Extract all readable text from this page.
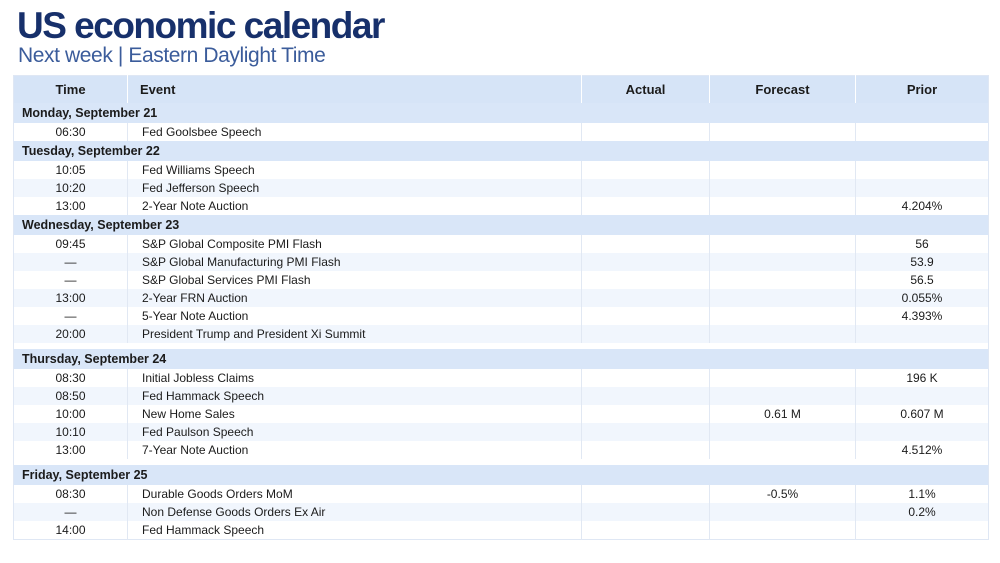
US economic calendar
Next week | Eastern Daylight Time
Time	Event	Actual	Forecast	Prior
Monday, September 21				
06:30	Fed Goolsbee Speech			
Tuesday, September 22				
10:05	Fed Williams Speech			
10:20	Fed Jefferson Speech			
13:00	2-Year Note Auction			4.204%
Wednesday, September 23				
09:45	S&P Global Composite PMI Flash			56
—	S&P Global Manufacturing PMI Flash			53.9
—	S&P Global Services PMI Flash			56.5
13:00	2-Year FRN Auction			0.055%
—	5-Year Note Auction			4.393%
20:00	President Trump and President Xi Summit			

Thursday, September 24				
08:30	Initial Jobless Claims			196 K
08:50	Fed Hammack Speech			
10:00	New Home Sales		0.61 M	0.607 M
10:10	Fed Paulson Speech			
13:00	7-Year Note Auction			4.512%

Friday, September 25				
08:30	Durable Goods Orders MoM		-0.5%	1.1%
—	Non Defense Goods Orders Ex Air			0.2%
14:00	Fed Hammack Speech			
